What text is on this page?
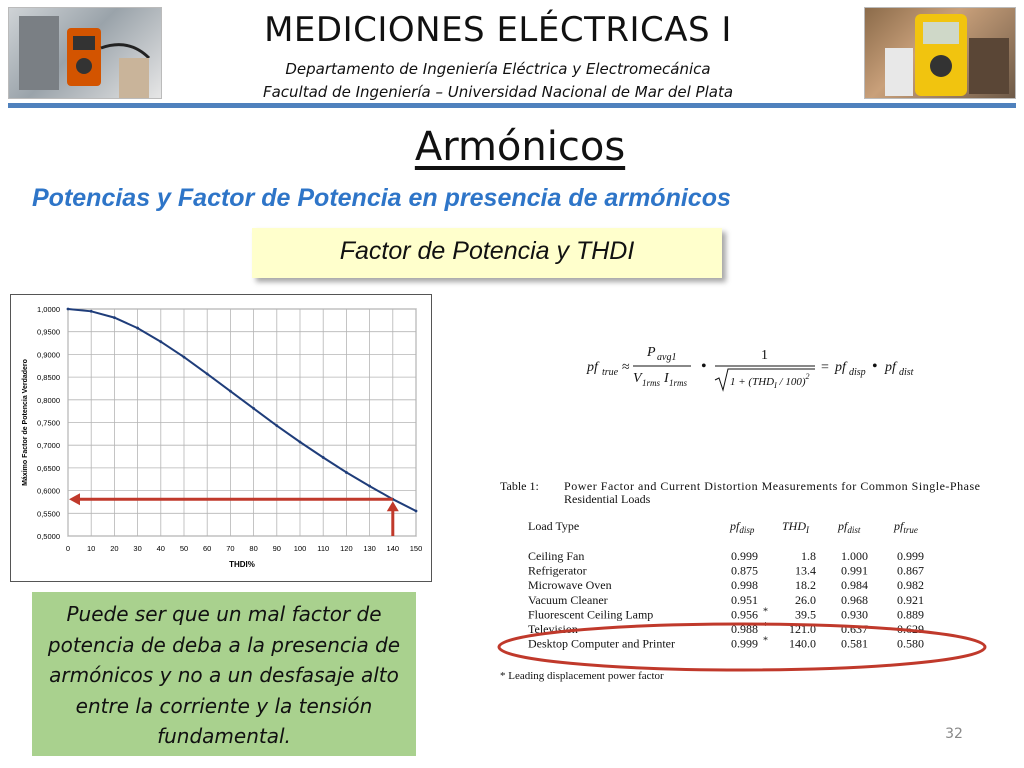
MEDICIONES ELÉCTRICAS I
Departamento de Ingeniería Eléctrica y Electromecánica
Facultad de Ingeniería – Universidad Nacional de Mar del Plata
Armónicos
Potencias y Factor de Potencia en presencia de armónicos
Factor de Potencia y THDI
0 10 20 30 40 50 60 70 80 90 100 110 120 130 140 150
0,5000
0,5500
0,6000
0,6500
0,7000
0,7500
0,8000
0,8500
0,9000
0,9500
1,0000
THDI%
Máximo Factor de Potencia Verdadero	pf true ≈
P avg1
V 1rms I 1rms
•
1
$1 + (THD_I / 100)^2$
= pf disp • pf dist
Table 1: Power Factor and Current Distortion Measurements for Common Single-Phase
Residential Loads
Load Type	$pf_{disp}$ $THD_I$ $pf_{dist}$	$pf_{true}$
Ceiling Fan	0.999	1.8 1.000 0.999
Refrigerator	0.875	13.4 0.991 0.867
Microwave Oven	0.998	18.2 0.984 0.982
Vacuum Cleaner	0.951	26.0 0.968 0.921
Fluorescent Ceiling Lamp	0.956 * 39.5 0.930 0.889
Television	0.988 * 121.0 0.637 0.629
Desktop Computer and Printer	0.999 * 140.0 0.581 0.580
* Leading displacement power factor
Puede ser que un mal factor de potencia de deba a la presencia de armónicos y no a un desfasaje alto entre la corriente y la tensión fundamental.	32
